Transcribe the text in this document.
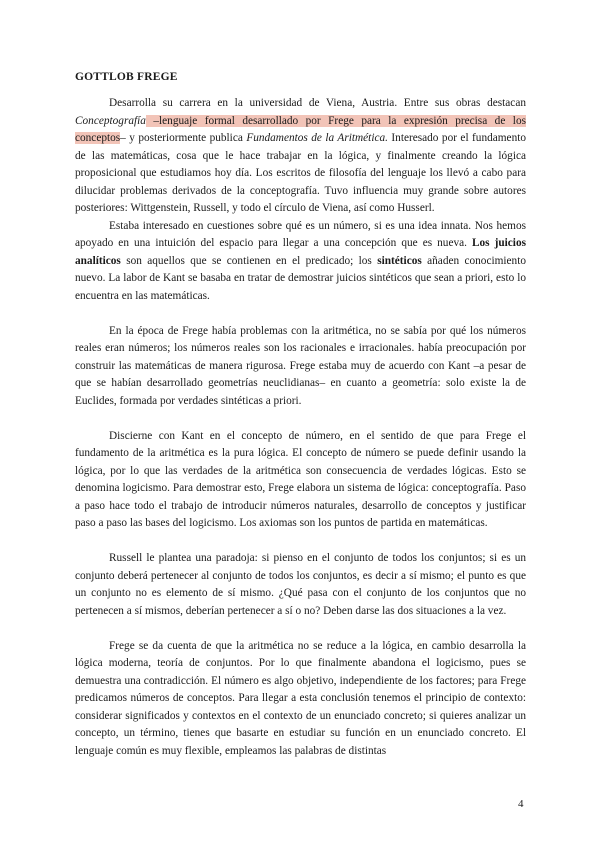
GOTTLOB FREGE

Desarrolla su carrera en la universidad de Viena, Austria. Entre sus obras destacan Conceptografía –lenguaje formal desarrollado por Frege para la expresión precisa de los conceptos– y posteriormente publica Fundamentos de la Aritmética. Interesado por el fundamento de las matemáticas, cosa que le hace trabajar en la lógica, y finalmente creando la lógica proposicional que estudiamos hoy día. Los escritos de filosofía del lenguaje los llevó a cabo para dilucidar problemas derivados de la conceptografía. Tuvo influencia muy grande sobre autores posteriores: Wittgenstein, Russell, y todo el círculo de Viena, así como Husserl.

Estaba interesado en cuestiones sobre qué es un número, si es una idea innata. Nos hemos apoyado en una intuición del espacio para llegar a una concepción que es nueva. Los juicios analíticos son aquellos que se contienen en el predicado; los sintéticos añaden conocimiento nuevo. La labor de Kant se basaba en tratar de demostrar juicios sintéticos que sean a priori, esto lo encuentra en las matemáticas.

En la época de Frege había problemas con la aritmética, no se sabía por qué los números reales eran números; los números reales son los racionales e irracionales. había preocupación por construir las matemáticas de manera rigurosa. Frege estaba muy de acuerdo con Kant –a pesar de que se habían desarrollado geometrías neuclidianas– en cuanto a geometría: solo existe la de Euclides, formada por verdades sintéticas a priori.

Discierne con Kant en el concepto de número, en el sentido de que para Frege el fundamento de la aritmética es la pura lógica. El concepto de número se puede definir usando la lógica, por lo que las verdades de la aritmética son consecuencia de verdades lógicas. Esto se denomina logicismo. Para demostrar esto, Frege elabora un sistema de lógica: conceptografía. Paso a paso hace todo el trabajo de introducir números naturales, desarrollo de conceptos y justificar paso a paso las bases del logicismo. Los axiomas son los puntos de partida en matemáticas.

Russell le plantea una paradoja: si pienso en el conjunto de todos los conjuntos; si es un conjunto deberá pertenecer al conjunto de todos los conjuntos, es decir a sí mismo; el punto es que un conjunto no es elemento de sí mismo. ¿Qué pasa con el conjunto de los conjuntos que no pertenecen a sí mismos, deberían pertenecer a sí o no? Deben darse las dos situaciones a la vez.

Frege se da cuenta de que la aritmética no se reduce a la lógica, en cambio desarrolla la lógica moderna, teoría de conjuntos. Por lo que finalmente abandona el logicismo, pues se demuestra una contradicción. El número es algo objetivo, independiente de los factores; para Frege predicamos números de conceptos. Para llegar a esta conclusión tenemos el principio de contexto: considerar significados y contextos en el contexto de un enunciado concreto; si quieres analizar un concepto, un término, tienes que basarte en estudiar su función en un enunciado concreto. El lenguaje común es muy flexible, empleamos las palabras de distintas

4
